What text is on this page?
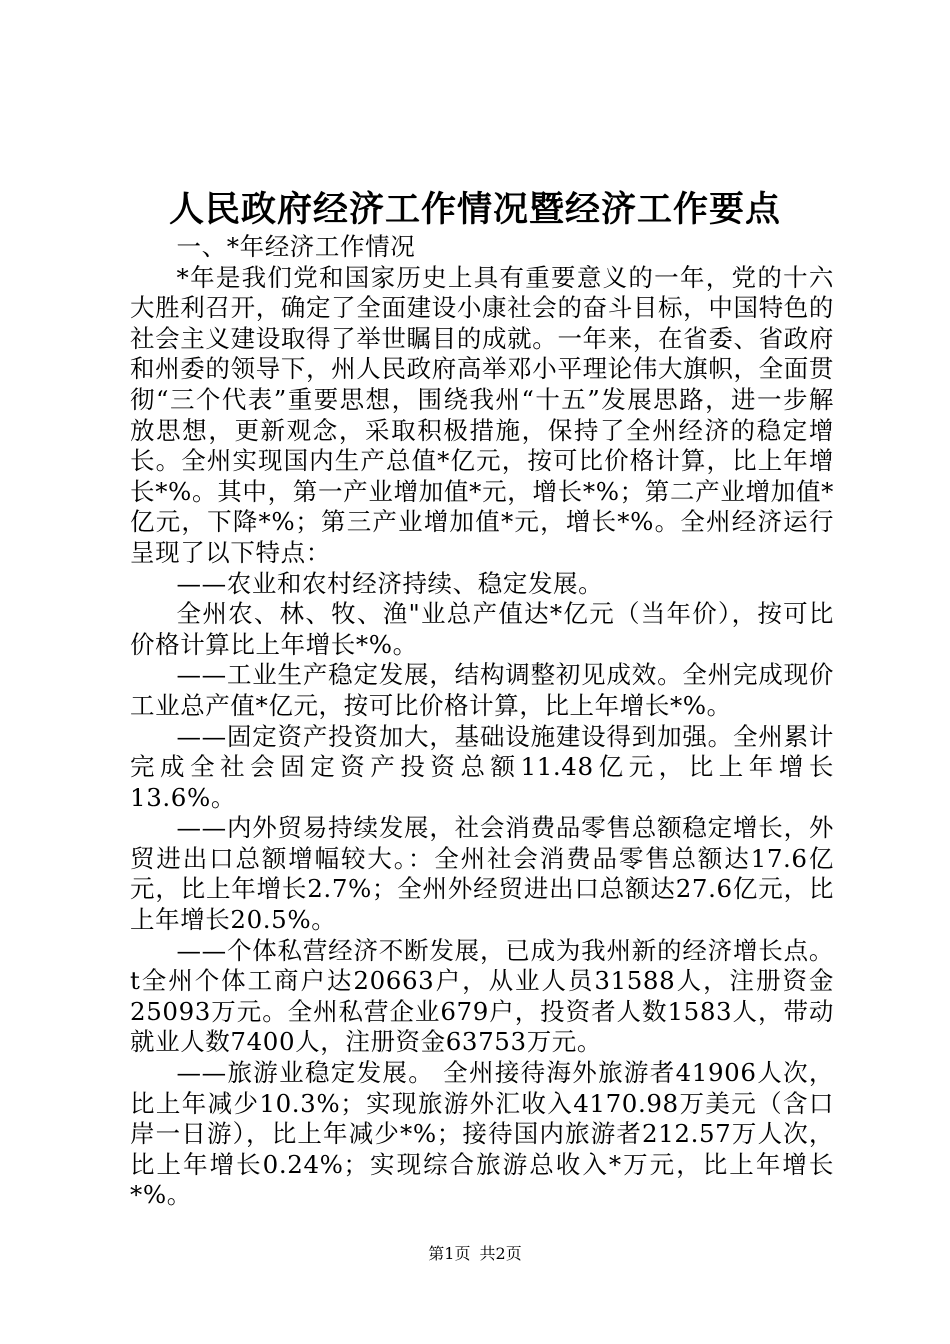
人民政府经济工作情况暨经济工作要点

一、*年经济工作情况

*年是我们党和国家历史上具有重要意义的一年，党的十六大胜利召开，确定了全面建设小康社会的奋斗目标，中国特色的社会主义建设取得了举世瞩目的成就。一年来，在省委、省政府和州委的领导下，州人民政府高举邓小平理论伟大旗帜，全面贯彻“三个代表”重要思想，围绕我州“十五”发展思路，进一步解放思想，更新观念，采取积极措施，保持了全州经济的稳定增长。全州实现国内生产总值*亿元，按可比价格计算，比上年增长*%。其中，第一产业增加值*元，增长*%；第二产业增加值*亿元，下降*%；第三产业增加值*元，增长*%。全州经济运行呈现了以下特点：

——农业和农村经济持续、稳定发展。

全州农、林、牧、渔"业总产值达*亿元（当年价），按可比价格计算比上年增长*%。

——工业生产稳定发展，结构调整初见成效。全州完成现价工业总产值*亿元，按可比价格计算，比上年增长*%。

——固定资产投资加大，基础设施建设得到加强。全州累计完成全社会固定资产投资总额11.48亿元，比上年增长13.6%。

——内外贸易持续发展，社会消费品零售总额稳定增长，外贸进出口总额增幅较大。：全州社会消费品零售总额达17.6亿元，比上年增长2.7%；全州外经贸进出口总额达27.6亿元，比上年增长20.5%。

——个体私营经济不断发展，已成为我州新的经济增长点。t全州个体工商户达20663户，从业人员31588人，注册资金25093万元。全州私营企业679户，投资者人数1583人，带动就业人数7400人，注册资金63753万元。

——旅游业稳定发展。 全州接待海外旅游者41906人次，比上年减少10.3%；实现旅游外汇收入4170.98万美元（含口岸一日游），比上年减少*%；接待国内旅游者212.57万人次，比上年增长0.24%；实现综合旅游总收入*万元，比上年增长*%。

第1页 共2页
